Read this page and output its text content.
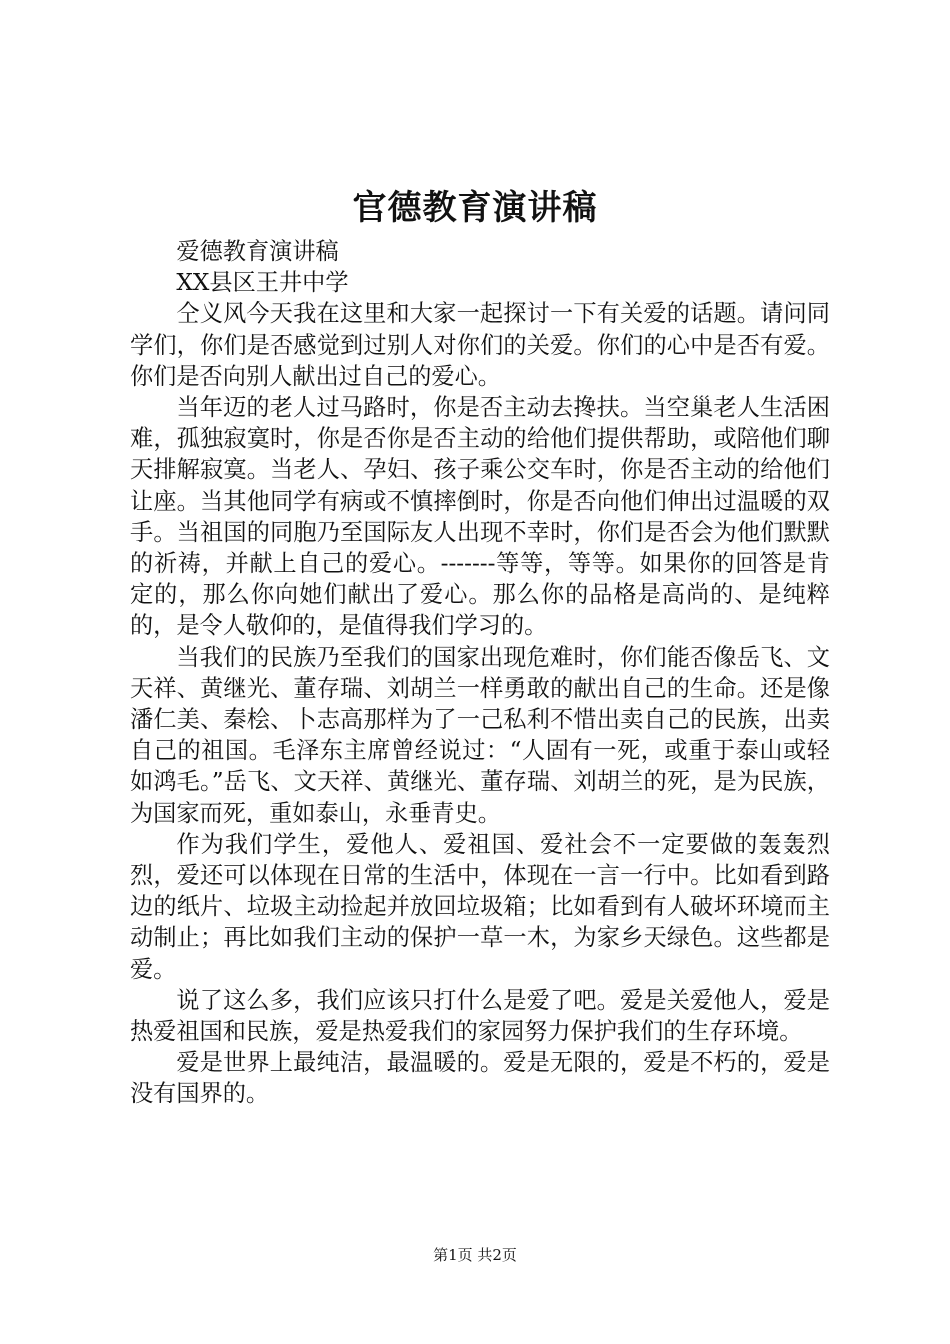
官德教育演讲稿

爱德教育演讲稿

XX县区王井中学

仝义风今天我在这里和大家一起探讨一下有关爱的话题。请问同学们，你们是否感觉到过别人对你们的关爱。你们的心中是否有爱。你们是否向别人献出过自己的爱心。

当年迈的老人过马路时，你是否主动去搀扶。当空巢老人生活困难，孤独寂寞时，你是否你是否主动的给他们提供帮助，或陪他们聊天排解寂寞。当老人、孕妇、孩子乘公交车时，你是否主动的给他们让座。当其他同学有病或不慎摔倒时，你是否向他们伸出过温暖的双手。当祖国的同胞乃至国际友人出现不幸时，你们是否会为他们默默的祈祷，并献上自己的爱心。-------等等，等等。如果你的回答是肯定的，那么你向她们献出了爱心。那么你的品格是高尚的、是纯粹的，是令人敬仰的，是值得我们学习的。

当我们的民族乃至我们的国家出现危难时，你们能否像岳飞、文天祥、黄继光、董存瑞、刘胡兰一样勇敢的献出自己的生命。还是像潘仁美、秦桧、卜志高那样为了一己私利不惜出卖自己的民族，出卖自己的祖国。毛泽东主席曾经说过：“人固有一死，或重于泰山或轻如鸿毛。”岳飞、文天祥、黄继光、董存瑞、刘胡兰的死，是为民族，为国家而死，重如泰山，永垂青史。

作为我们学生，爱他人、爱祖国、爱社会不一定要做的轰轰烈烈，爱还可以体现在日常的生活中，体现在一言一行中。比如看到路边的纸片、垃圾主动捡起并放回垃圾箱；比如看到有人破坏环境而主动制止；再比如我们主动的保护一草一木，为家乡天绿色。这些都是爱。

说了这么多，我们应该只打什么是爱了吧。爱是关爱他人，爱是热爱祖国和民族，爱是热爱我们的家园努力保护我们的生存环境。

爱是世界上最纯洁，最温暖的。爱是无限的，爱是不朽的，爱是没有国界的。

第1页 共2页
